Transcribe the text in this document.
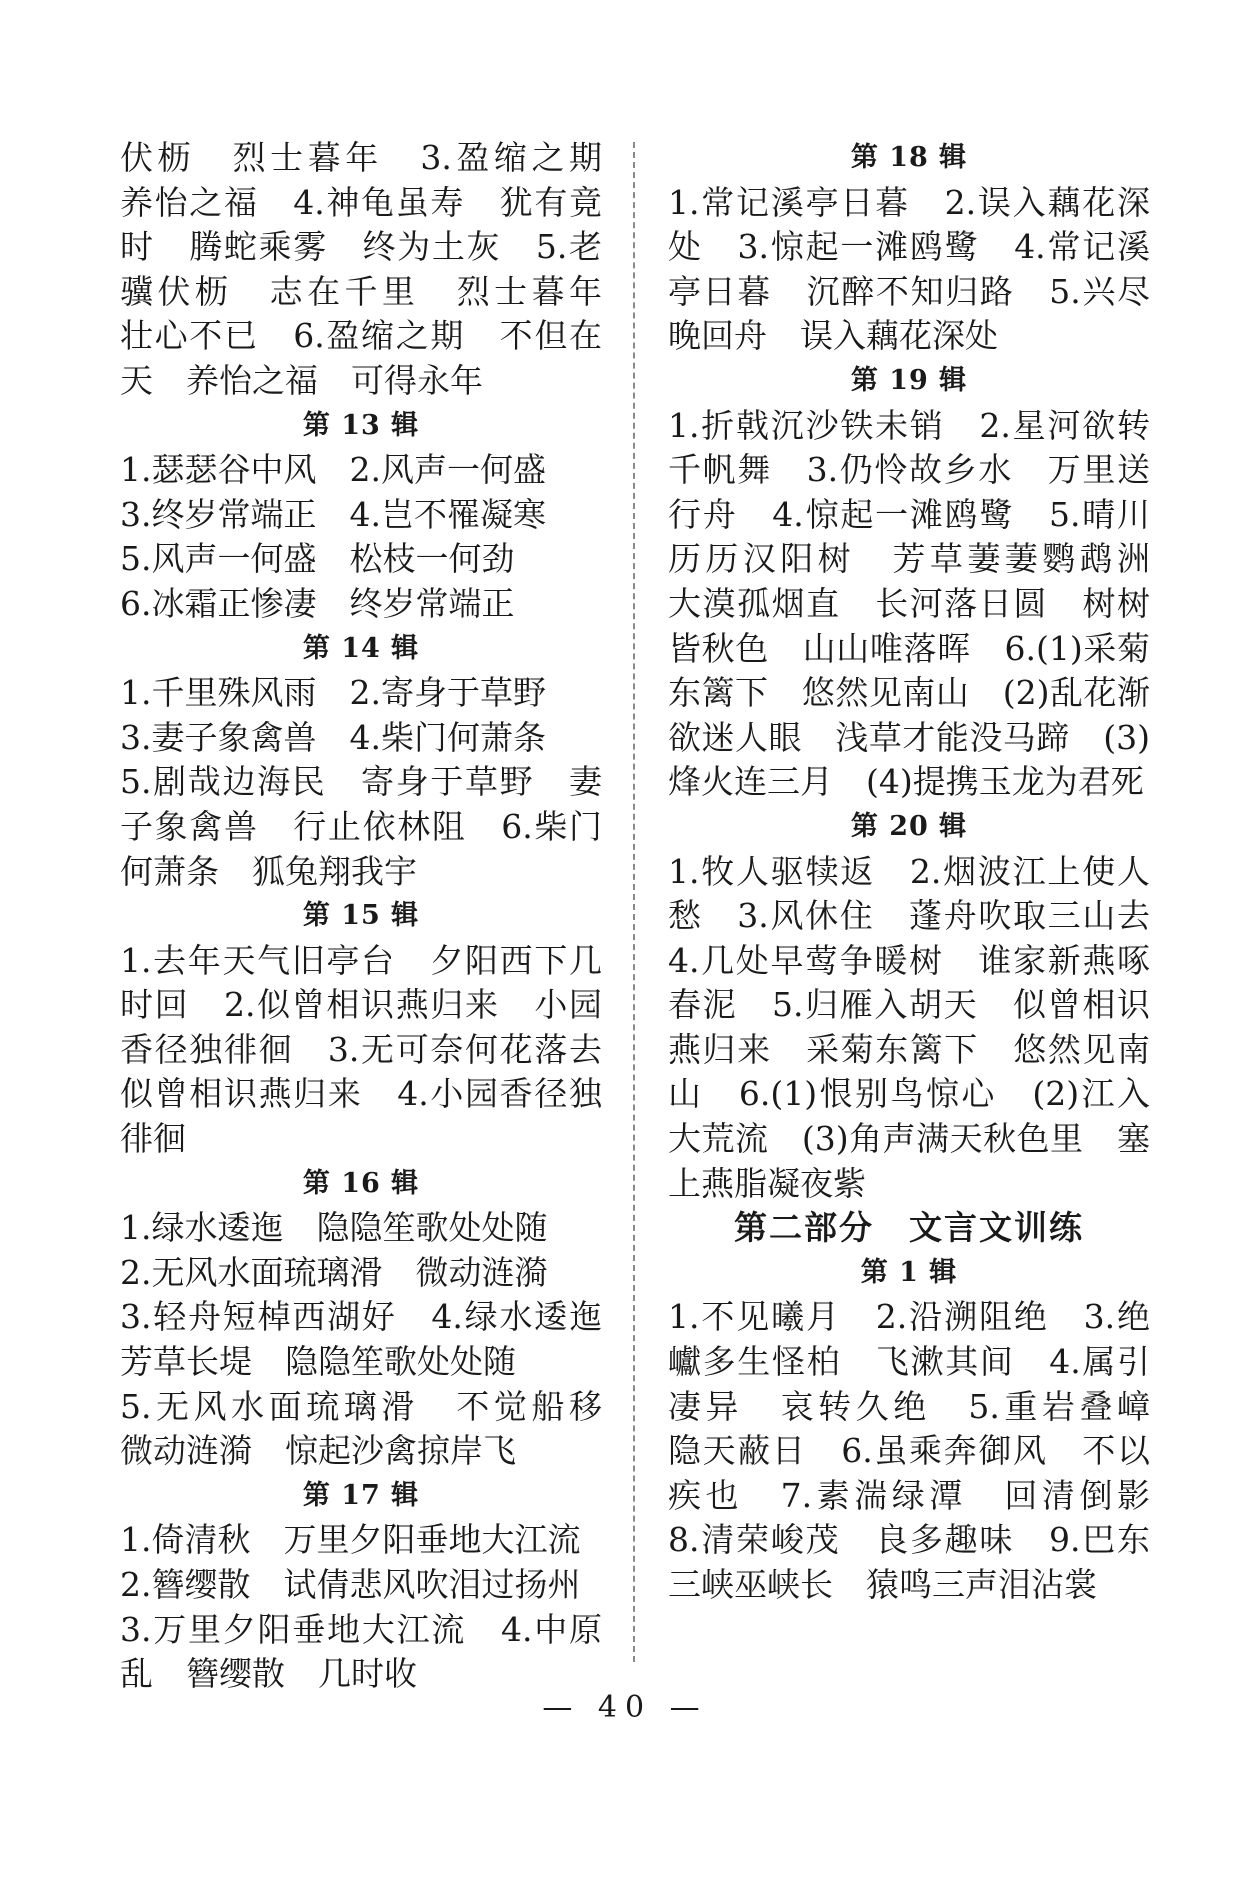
伏枥　烈士暮年　3.盈缩之期　养怡之福　4.神龟虽寿　犹有竟时　腾蛇乘雾　终为土灰　5.老骥伏枥　志在千里　烈士暮年　壮心不已　6.盈缩之期　不但在天　养怡之福　可得永年
第 13 辑
1.瑟瑟谷中风　2.风声一何盛
3.终岁常端正　4.岂不罹凝寒
5.风声一何盛　松枝一何劲
6.冰霜正惨凄　终岁常端正
第 14 辑
1.千里殊风雨　2.寄身于草野
3.妻子象禽兽　4.柴门何萧条
5.剧哉边海民　寄身于草野　妻子象禽兽　行止依林阻　6.柴门何萧条　狐兔翔我宇
第 15 辑
1.去年天气旧亭台　夕阳西下几时回　2.似曾相识燕归来　小园香径独徘徊　3.无可奈何花落去　似曾相识燕归来　4.小园香径独徘徊
第 16 辑
1.绿水逶迤　隐隐笙歌处处随
2.无风水面琉璃滑　微动涟漪
3.轻舟短棹西湖好　4.绿水逶迤　芳草长堤　隐隐笙歌处处随
5.无风水面琉璃滑　不觉船移　微动涟漪　惊起沙禽掠岸飞
第 17 辑
1.倚清秋　万里夕阳垂地大江流
2.簪缨散　试倩悲风吹泪过扬州
3.万里夕阳垂地大江流　4.中原乱　簪缨散　几时收
第 18 辑
1.常记溪亭日暮　2.误入藕花深处　3.惊起一滩鸥鹭　4.常记溪亭日暮　沉醉不知归路　5.兴尽晚回舟　误入藕花深处
第 19 辑
1.折戟沉沙铁未销　2.星河欲转千帆舞　3.仍怜故乡水　万里送行舟　4.惊起一滩鸥鹭　5.晴川历历汉阳树　芳草萋萋鹦鹉洲　大漠孤烟直　长河落日圆　树树皆秋色　山山唯落晖　6.(1)采菊东篱下　悠然见南山　(2)乱花渐欲迷人眼　浅草才能没马蹄　(3)烽火连三月　(4)提携玉龙为君死
第 20 辑
1.牧人驱犊返　2.烟波江上使人愁　3.风休住　蓬舟吹取三山去　4.几处早莺争暖树　谁家新燕啄春泥　5.归雁入胡天　似曾相识燕归来　采菊东篱下　悠然见南山　6.(1)恨别鸟惊心　(2)江入大荒流　(3)角声满天秋色里　塞上燕脂凝夜紫
第二部分　文言文训练
第 1 辑
1.不见曦月　2.沿溯阻绝　3.绝巘多生怪柏　飞漱其间　4.属引凄异　哀转久绝　5.重岩叠嶂　隐天蔽日　6.虽乘奔御风　不以疾也　7.素湍绿潭　回清倒影　8.清荣峻茂　良多趣味　9.巴东三峡巫峡长　猿鸣三声泪沾裳
— 40 —
